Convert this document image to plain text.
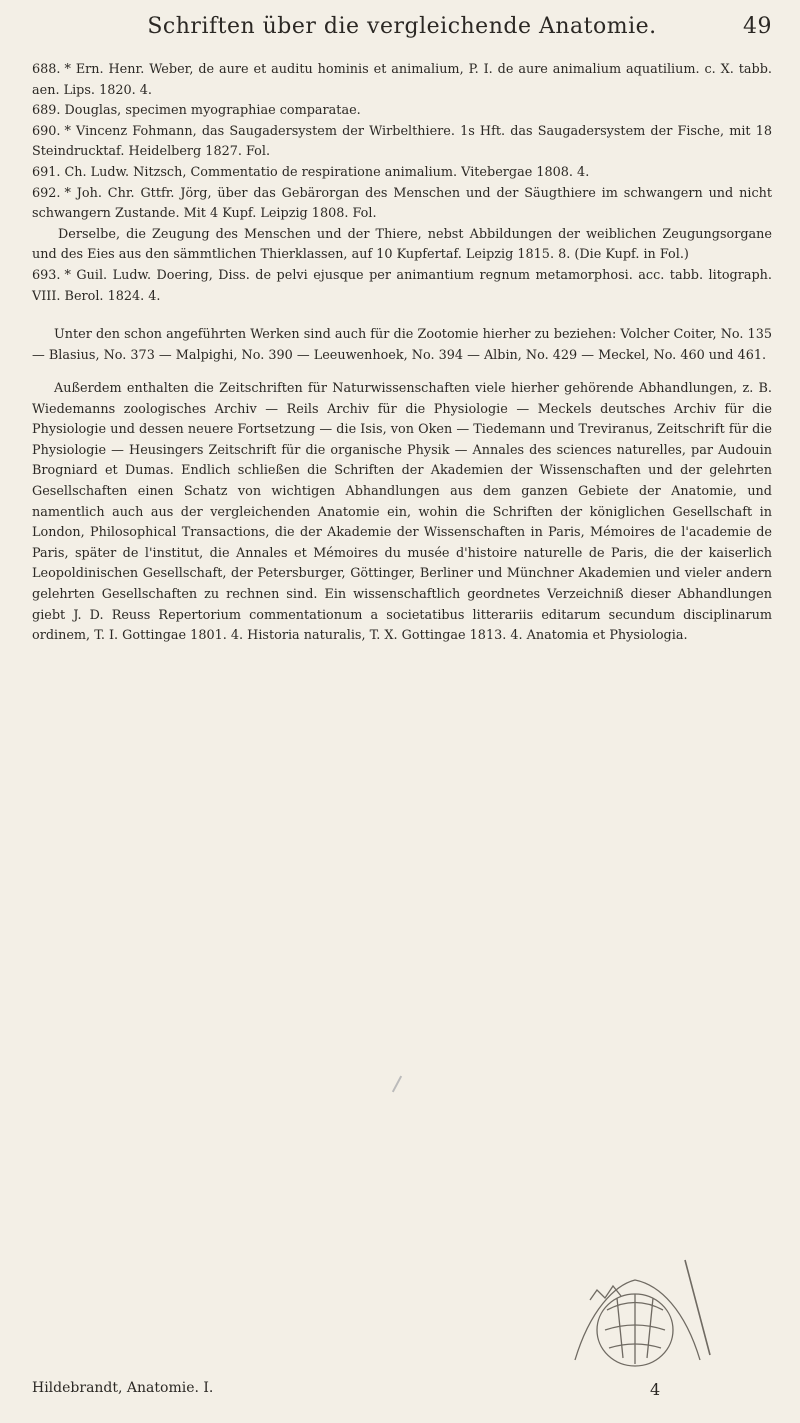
Schriften über die vergleichende Anatomie.	49

688. * Ern. Henr. Weber, de aure et auditu hominis et animalium, P. I. de aure animalium aquatilium. c. X. tabb. aen. Lips. 1820. 4.

689. Douglas, specimen myographiae comparatae.

690. * Vincenz Fohmann, das Saugadersystem der Wirbelthiere. 1s Hft. das Saugadersystem der Fische, mit 18 Steindrucktaf. Heidelberg 1827. Fol.

691. Ch. Ludw. Nitzsch, Commentatio de respiratione animalium. Vitebergae 1808. 4.

692. * Joh. Chr. Gttfr. Jörg, über das Gebärorgan des Menschen und der Säugthiere im schwangern und nicht schwangern Zustande. Mit 4 Kupf. Leipzig 1808. Fol.

Derselbe, die Zeugung des Menschen und der Thiere, nebst Abbildungen der weiblichen Zeugungsorgane und des Eies aus den sämmtlichen Thierklassen, auf 10 Kupfertaf. Leipzig 1815. 8. (Die Kupf. in Fol.)

693. * Guil. Ludw. Doering, Diss. de pelvi ejusque per animantium regnum metamorphosi. acc. tabb. litograph. VIII. Berol. 1824. 4.

Unter den schon angeführten Werken sind auch für die Zootomie hierher zu beziehen: Volcher Coiter, No. 135 — Blasius, No. 373 — Malpighi, No. 390 — Leeuwenhoek, No. 394 — Albin, No. 429 — Meckel, No. 460 und 461.

Außerdem enthalten die Zeitschriften für Naturwissenschaften viele hierher gehörende Abhandlungen, z. B. Wiedemanns zoologisches Archiv — Reils Archiv für die Physiologie — Meckels deutsches Archiv für die Physiologie und dessen neuere Fortsetzung — die Isis, von Oken — Tiedemann und Treviranus, Zeitschrift für die Physiologie — Heusingers Zeitschrift für die organische Physik — Annales des sciences naturelles, par Audouin Brogniard et Dumas. Endlich schließen die Schriften der Akademien der Wissenschaften und der gelehrten Gesellschaften einen Schatz von wichtigen Abhandlungen aus dem ganzen Gebiete der Anatomie, und namentlich auch aus der vergleichenden Anatomie ein, wohin die Schriften der königlichen Gesellschaft in London, Philosophical Transactions, die der Akademie der Wissenschaften in Paris, Mémoires de l'academie de Paris, später de l'institut, die Annales et Mémoires du musée d'histoire naturelle de Paris, die der kaiserlich Leopoldinischen Gesellschaft, der Petersburger, Göttinger, Berliner und Münchner Akademien und vieler andern gelehrten Gesellschaften zu rechnen sind. Ein wissenschaftlich geordnetes Verzeichniß dieser Abhandlungen giebt J. D. Reuss Repertorium commentationum a societatibus litterariis editarum secundum disciplinarum ordinem, T. I. Gottingae 1801. 4. Historia naturalis, T. X. Gottingae 1813. 4. Anatomia et Physiologia.

Hildebrandt, Anatomie. I.	4
